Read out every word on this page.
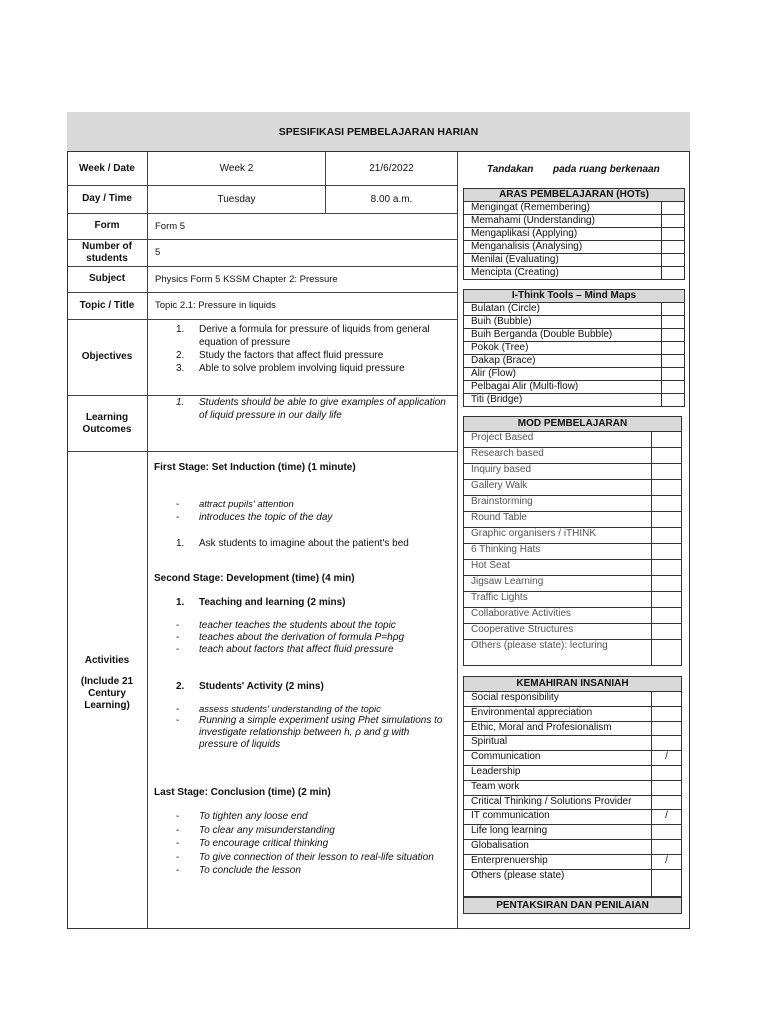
SPESIFIKASI PEMBELAJARAN HARIAN
Week / Date	Week 2	21/6/2022
Day / Time	Tuesday	8.00 a.m.
Form	Form 5
Number of
students	5
Subject	Physics Form 5 KSSM Chapter 2: Pressure
Topic / Title	Topic 2.1: Pressure in liquids
Objectives
1. Derive a formula for pressure of liquids from general
equation of pressure
2. Study the factors that affect fluid pressure
3. Able to solve problem involving liquid pressure
Learning
Outcomes
1. Students should be able to give examples of application
of liquid pressure in our daily life
Activities
(Include 21
Century
Learning)
First Stage: Set Induction (time) (1 minute)
- attract pupils' attention
- introduces the topic of the day
1. Ask students to imagine about the patient's bed
Second Stage: Development (time) (4 min)
1. Teaching and learning (2 mins)
- teacher teaches the students about the topic
- teaches about the derivation of formula P=hρg
- teach about factors that affect fluid pressure
2. Students' Activity (2 mins)
- assess students' understanding of the topic
- Running a simple experiment using Phet simulations to
investigate relationship between h, ρ and g with
pressure of liquids
Last Stage: Conclusion (time) (2 min)
- To tighten any loose end
- To clear any misunderstanding
- To encourage critical thinking
- To give connection of their lesson to real-life situation
- To conclude the lesson
Tandakan pada ruang berkenaan
ARAS PEMBELAJARAN (HOTs)
Mengingat (Remembering)
Memahami (Understanding)
Mengaplikasi (Applying)
Menganalisis (Analysing)
Menilai (Evaluating)
Mencipta (Creating)
I-Think Tools – Mind Maps
Bulatan (Circle)
Buih (Bubble)
Buih Berganda (Double Bubble)
Pokok (Tree)
Dakap (Brace)
Alir (Flow)
Pelbagai Alir (Multi-flow)
Titi (Bridge)
MOD PEMBELAJARAN
Project Based
Research based
Inquiry based
Gallery Walk
Brainstorming
Round Table
Graphic organisers / iTHINK
6 Thinking Hats
Hot Seat
Jigsaw Learning
Traffic Lights
Collaborative Activities
Cooperative Structures
Others (please state): lecturing
KEMAHIRAN INSANIAH
Social responsibility
Environmental appreciation
Ethic, Moral and Profesionalism
Spiritual
Communication	/
Leadership
Team work
Critical Thinking / Solutions Provider
IT communication	/
Life long learning
Globalisation
Enterprenuership	/
Others (please state)
PENTAKSIRAN DAN PENILAIAN
